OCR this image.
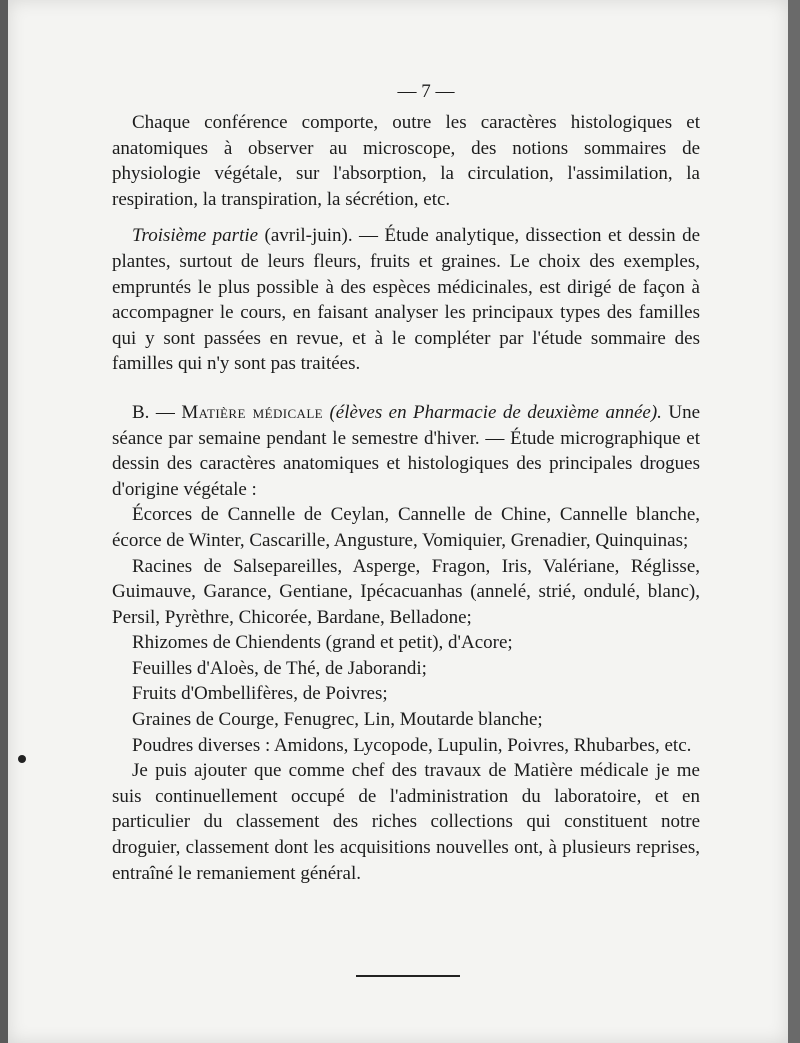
— 7 —

Chaque conférence comporte, outre les caractères histologiques et anatomiques à observer au microscope, des notions sommaires de physiologie végétale, sur l'absorption, la circulation, l'assimilation, la respiration, la transpiration, la sécrétion, etc.

Troisième partie (avril-juin). — Étude analytique, dissection et dessin de plantes, surtout de leurs fleurs, fruits et graines. Le choix des exemples, empruntés le plus possible à des espèces médicinales, est dirigé de façon à accompagner le cours, en faisant analyser les principaux types des familles qui y sont passées en revue, et à le compléter par l'étude sommaire des familles qui n'y sont pas traitées.

B. — Matière médicale (élèves en Pharmacie de deuxième année). Une séance par semaine pendant le semestre d'hiver. — Étude micrographique et dessin des caractères anatomiques et histologiques des principales drogues d'origine végétale :

Écorces de Cannelle de Ceylan, Cannelle de Chine, Cannelle blanche, écorce de Winter, Cascarille, Angusture, Vomiquier, Grenadier, Quinquinas;

Racines de Salsepareilles, Asperge, Fragon, Iris, Valériane, Réglisse, Guimauve, Garance, Gentiane, Ipécacuanhas (annelé, strié, ondulé, blanc), Persil, Pyrèthre, Chicorée, Bardane, Belladone;

Rhizomes de Chiendents (grand et petit), d'Acore;

Feuilles d'Aloès, de Thé, de Jaborandi;

Fruits d'Ombellifères, de Poivres;

Graines de Courge, Fenugrec, Lin, Moutarde blanche;

Poudres diverses : Amidons, Lycopode, Lupulin, Poivres, Rhubarbes, etc.

Je puis ajouter que comme chef des travaux de Matière médicale je me suis continuellement occupé de l'administration du laboratoire, et en particulier du classement des riches collections qui constituent notre droguier, classement dont les acquisitions nouvelles ont, à plusieurs reprises, entraîné le remaniement général.
